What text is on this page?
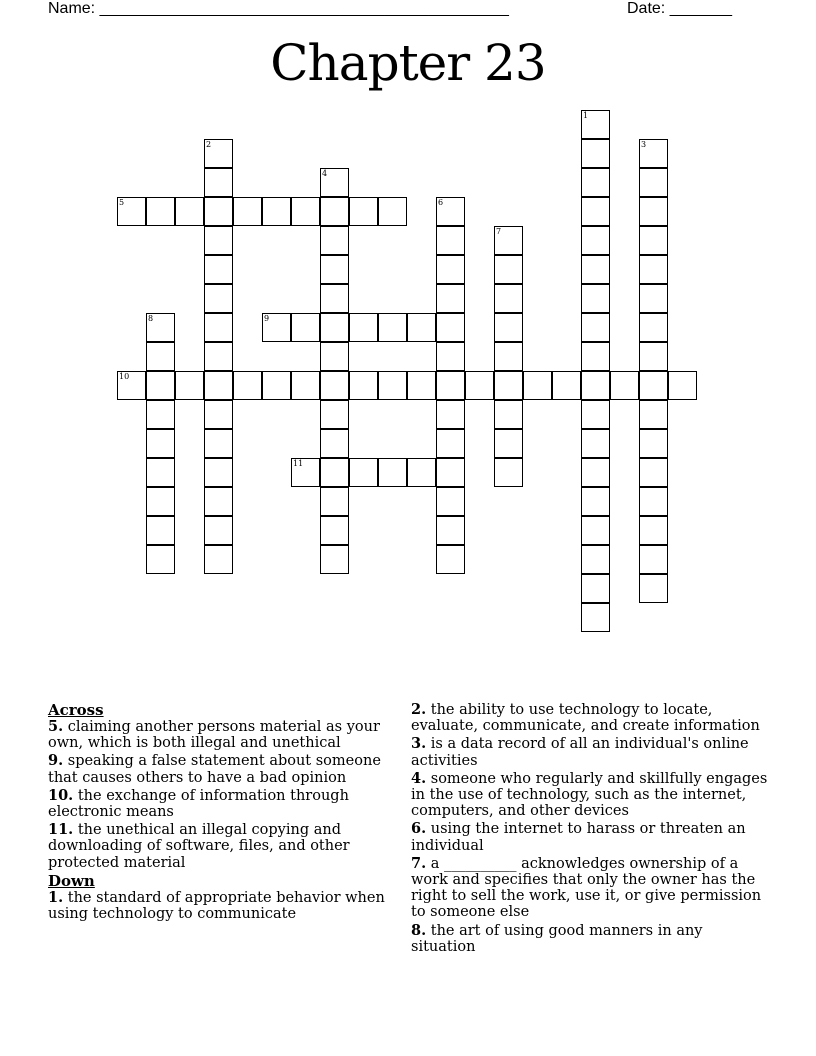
Name: ______________________________________________	Date: _______
Chapter 23
1
2	3
4
5	6
7
8	9
10
11
Across
5. claiming another persons material as your own, which is both illegal and unethical
9. speaking a false statement about someone that causes others to have a bad opinion
10. the exchange of information through electronic means
11. the unethical an illegal copying and downloading of software, files, and other protected material
Down
1. the standard of appropriate behavior when using technology to communicate
2. the ability to use technology to locate, evaluate, communicate, and create information
3. is a data record of all an individual's online activities
4. someone who regularly and skillfully engages in the use of technology, such as the internet, computers, and other devices
6. using the internet to harass or threaten an individual
7. a __________ acknowledges ownership of a work and specifies that only the owner has the right to sell the work, use it, or give permission to someone else
8. the art of using good manners in any situation
